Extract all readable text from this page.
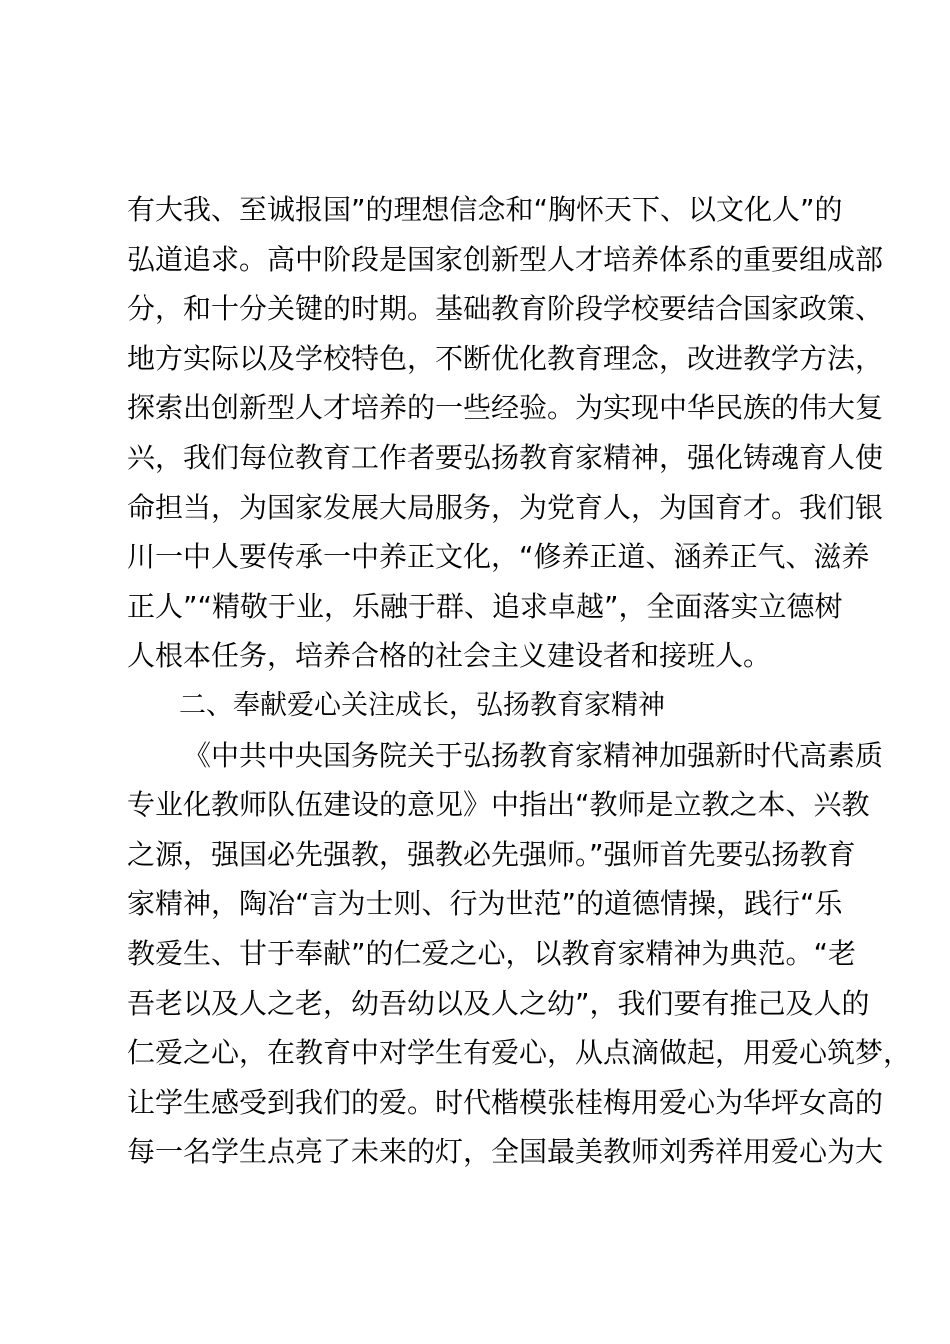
有大我、至诚报国”的理想信念和“胸怀天下、以文化人”的
弘道追求。高中阶段是国家创新型人才培养体系的重要组成部
分，和十分关键的时期。基础教育阶段学校要结合国家政策、
地方实际以及学校特色，不断优化教育理念，改进教学方法，
探索出创新型人才培养的一些经验。为实现中华民族的伟大复
兴，我们每位教育工作者要弘扬教育家精神，强化铸魂育人使
命担当，为国家发展大局服务，为党育人，为国育才。我们银
川一中人要传承一中养正文化，“修养正道、涵养正气、滋养
正人”“精敬于业，乐融于群、追求卓越”，全面落实立德树
人根本任务，培养合格的社会主义建设者和接班人。
二、奉献爱心关注成长，弘扬教育家精神
《中共中央国务院关于弘扬教育家精神加强新时代高素质
专业化教师队伍建设的意见》中指出“教师是立教之本、兴教
之源，强国必先强教，强教必先强师。”强师首先要弘扬教育
家精神，陶冶“言为士则、行为世范”的道德情操，践行“乐
教爱生、甘于奉献”的仁爱之心，以教育家精神为典范。“老
吾老以及人之老，幼吾幼以及人之幼”，我们要有推己及人的
仁爱之心，在教育中对学生有爱心，从点滴做起，用爱心筑梦，
让学生感受到我们的爱。时代楷模张桂梅用爱心为华坪女高的
每一名学生点亮了未来的灯，全国最美教师刘秀祥用爱心为大
